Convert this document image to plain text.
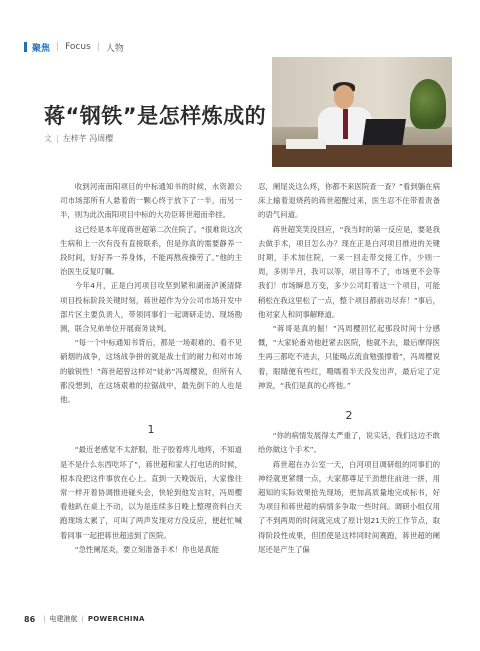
聚焦 | Focus | 人物
蒋“钢铁”是怎样炼成的
文 | 左梓芊 冯周樱

收到河南南阳项目的中标通知书的时候，水资源公司市场部所有人悬着的一颗心终于放下了一半，而另一半，则为此次南阳项目中标的大功臣蒋世超而牵挂。

这已经是本年度蒋世超第二次住院了。“很难说这次生病和上一次有没有直接联系，但是你真的需要静养一段时间，好好养一养身体，不能再熬夜操劳了。”他的主治医生反复叮嘱。

今年4月，正是白河项目攻坚到紧和湖南泸溪清降项目投标阶段关键时刻，蒋世超作为分公司市场开发中部片区主要负责人，带领同事们一起调研走访、现场勘测，联合兄弟单位开展商务谈判。

“每一个中标通知书背后，都是一场艰难的、看不见硝烟的战争，这场战争拼的就是战士们的耐力和对市场的敏锐性！”蒋世超曾这样对“徒弟”冯周樱说，但所有人都没想到，在这场艰难的拉锯战中，最先倒下的人也是他。

1

“最近老感觉不太舒服，肚子胶着疼儿地疼，不知道是不是什么东西吃坏了”，蒋世超和家人打电话的时候，根本没把这件事放在心上。直到一天晚饭后，大家像往常一样开着协调推进碰头会，快轮到他发言时，冯周樱看他趴在桌上不动，以为是连续多日晚上整理资料白天跑现场太累了，可叫了两声发现对方没反应，便赶忙喊着同事一起把蒋世超送到了医院。

“急性阑尾炎，要立刻准备手术！你也是真能

忍，阑尾炎这么疼，你都不来医院查一查？”看到躺在病床上输着退烧药的蒋世超醒过来，医生忍不住带着责备的语气问道。

蒋世超笑笑没回应，“我当时的第一反应是，要是我去做手术，项目怎么办？现在正是白河项目推进的关键时期，手术加住院，一来一回走带交接工作，少则一周，多则半月，我可以等，项目等不了，市场更不会等我们！市场瞬息万变，多少公司盯着这一个项目，可能稍松在我这里松了一点，整个项目都前功尽弃！”事后，他对家人和同事解释道。

“蒋哥是真的倔！”冯周樱回忆起那段时间十分感慨，“大家轮番劝他赶紧去医院，他就不去，最后摩得医生再三都吃不进去，只能喝点流食勉强撑着”，冯周樱说着，眼睛便有些红，嗫嚅着半天没发出声，最后定了定神说，“我们是真的心疼他。”

2

“你的病情发展得太严重了，说实话，我们这边不敢给你做这个手术”。

蒋世超在办公室一天，白河项目调研组的同事们的神经就更紧绷一点，大家都尊足干劲想住前进一拼，用超知的实际效果抢先现场，更加高质量地完成标书，好为项目和蒋世超的病情多争取一些时间。调研小组仅用了不到两周的时间就完成了原计划21天的工作节点，取得阶段性成果，但团使是这样同时间赛跑，蒋世超的阑尾还是产生了偏

86 | 电建港航 | POWERCHINA
